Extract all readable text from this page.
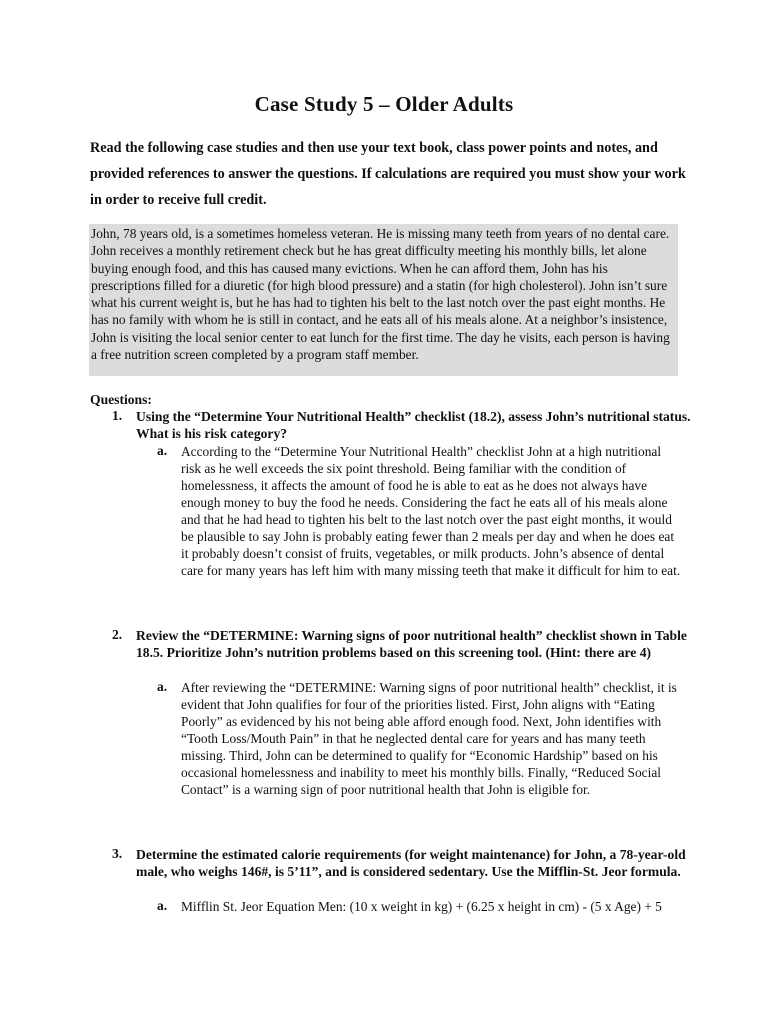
Case Study 5 – Older Adults
Read the following case studies and then use your text book, class power points and notes, and provided references to answer the questions. If calculations are required you must show your work in order to receive full credit.
John, 78 years old, is a sometimes homeless veteran. He is missing many teeth from years of no dental care. John receives a monthly retirement check but he has great difficulty meeting his monthly bills, let alone buying enough food, and this has caused many evictions. When he can afford them, John has his prescriptions filled for a diuretic (for high blood pressure) and a statin (for high cholesterol). John isn’t sure what his current weight is, but he has had to tighten his belt to the last notch over the past eight months. He has no family with whom he is still in contact, and he eats all of his meals alone. At a neighbor’s insistence, John is visiting the local senior center to eat lunch for the first time. The day he visits, each person is having a free nutrition screen completed by a program staff member.
Questions:
1.	Using the “Determine Your Nutritional Health” checklist (18.2), assess John’s nutritional status. What is his risk category?
a.	According to the “Determine Your Nutritional Health” checklist John at a high nutritional risk as he well exceeds the six point threshold. Being familiar with the condition of homelessness, it affects the amount of food he is able to eat as he does not always have enough money to buy the food he needs. Considering the fact he eats all of his meals alone and that he had head to tighten his belt to the last notch over the past eight months, it would be plausible to say John is probably eating fewer than 2 meals per day and when he does eat it probably doesn’t consist of fruits, vegetables, or milk products. John’s absence of dental care for many years has left him with many missing teeth that make it difficult for him to eat.
2.	Review the “DETERMINE: Warning signs of poor nutritional health” checklist shown in Table 18.5. Prioritize John’s nutrition problems based on this screening tool. (Hint: there are 4)
a.	After reviewing the “DETERMINE: Warning signs of poor nutritional health” checklist, it is evident that John qualifies for four of the priorities listed. First, John aligns with “Eating Poorly” as evidenced by his not being able afford enough food. Next, John identifies with “Tooth Loss/Mouth Pain” in that he neglected dental care for years and has many teeth missing. Third, John can be determined to qualify for “Economic Hardship” based on his occasional homelessness and inability to meet his monthly bills. Finally, “Reduced Social Contact” is a warning sign of poor nutritional health that John is eligible for.
3.	Determine the estimated calorie requirements (for weight maintenance) for John, a 78-year-old male, who weighs 146#, is 5’11”, and is considered sedentary. Use the Mifflin-St. Jeor formula.
a.	Mifflin St. Jeor Equation Men: (10 x weight in kg) + (6.25 x height in cm) - (5 x Age) + 5
